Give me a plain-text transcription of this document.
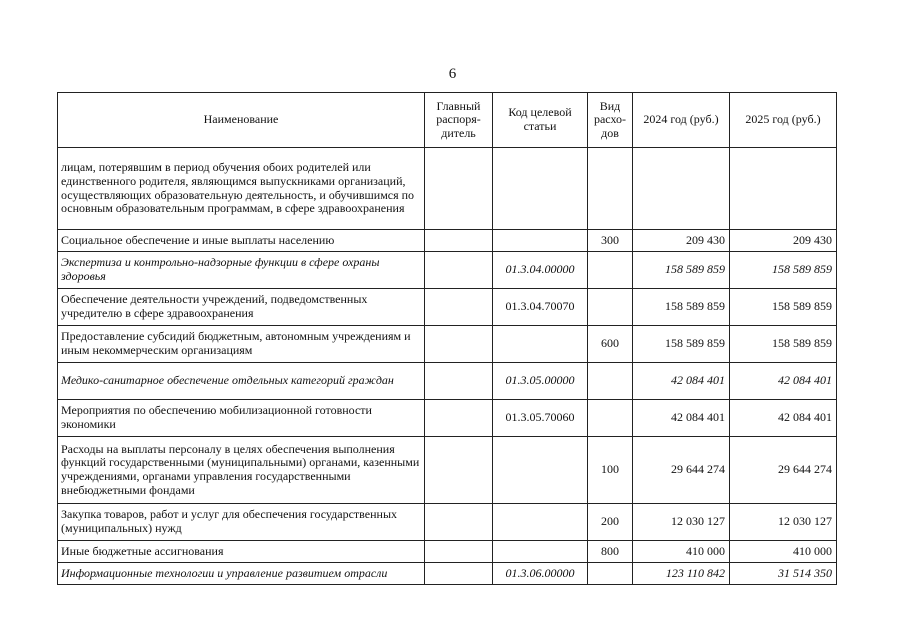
6
Наименование	Главный распоря-дитель	Код целевой статьи	Вид расхо-дов	2024 год (руб.)	2025 год (руб.)
лицам, потерявшим в период обучения обоих родителей или единственного родителя, являющимся выпускниками организаций, осуществляющих образовательную деятельность, и обучившимся по основным образовательным программам, в сфере здравоохранения					
Социальное обеспечение и иные выплаты населению			300	209 430	209 430
Экспертиза и контрольно-надзорные функции в сфере охраны здоровья		01.3.04.00000		158 589 859	158 589 859
Обеспечение деятельности учреждений, подведомственных учредителю в сфере здравоохранения		01.3.04.70070		158 589 859	158 589 859
Предоставление субсидий бюджетным, автономным учреждениям и иным некоммерческим организациям			600	158 589 859	158 589 859
Медико-санитарное обеспечение отдельных категорий граждан		01.3.05.00000		42 084 401	42 084 401
Мероприятия по обеспечению мобилизационной готовности экономики		01.3.05.70060		42 084 401	42 084 401
Расходы на выплаты персоналу в целях обеспечения выполнения функций государственными (муниципальными) органами, казенными учреждениями, органами управления государственными внебюджетными фондами			100	29 644 274	29 644 274
Закупка товаров, работ и услуг для обеспечения государственных (муниципальных) нужд			200	12 030 127	12 030 127
Иные бюджетные ассигнования			800	410 000	410 000
Информационные технологии и управление развитием отрасли		01.3.06.00000		123 110 842	31 514 350
